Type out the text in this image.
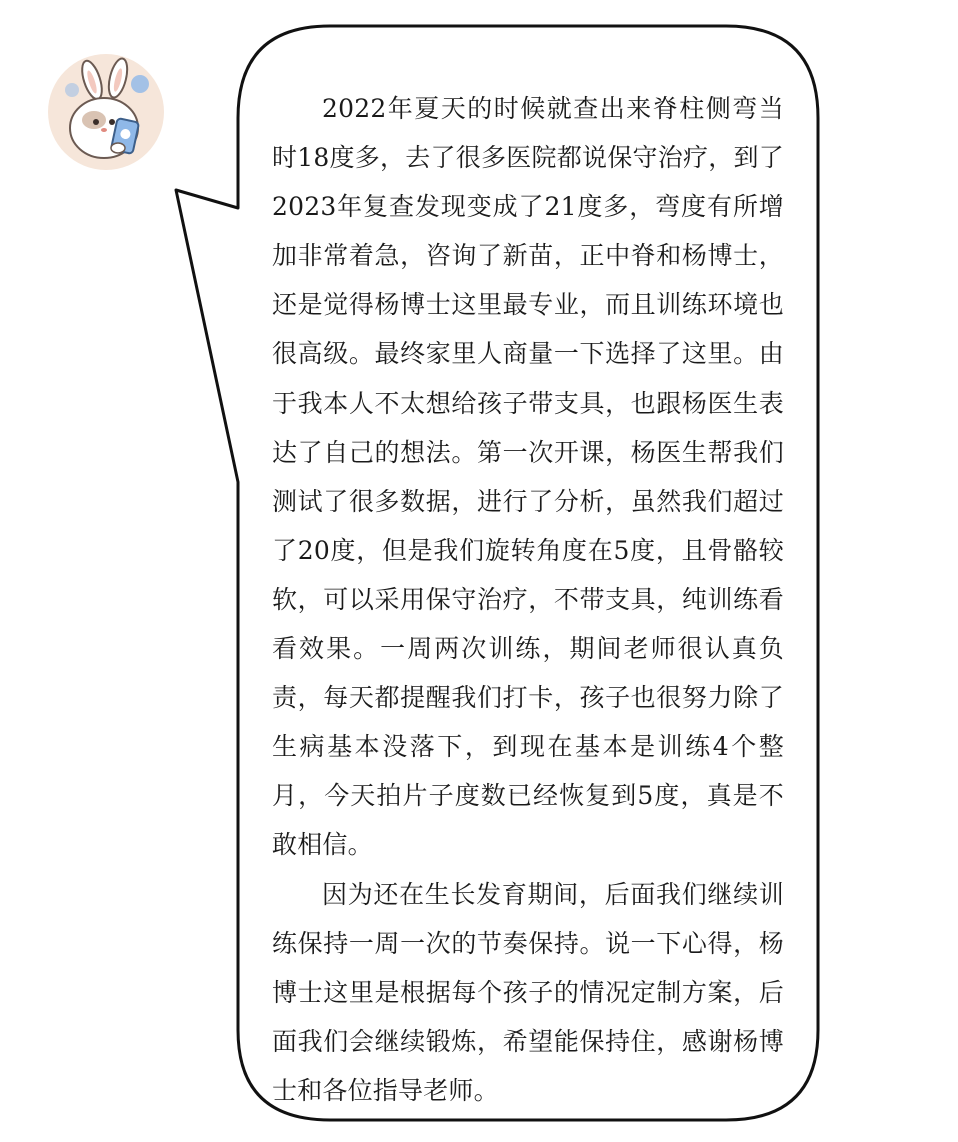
2022年夏天的时候就查出来脊柱侧弯当时18度多，去了很多医院都说保守治疗，到了2023年复查发现变成了21度多，弯度有所增加非常着急，咨询了新苗，正中脊和杨博士，还是觉得杨博士这里最专业，而且训练环境也很高级。最终家里人商量一下选择了这里。由于我本人不太想给孩子带支具，也跟杨医生表达了自己的想法。第一次开课，杨医生帮我们测试了很多数据，进行了分析，虽然我们超过了20度，但是我们旋转角度在5度，且骨骼较软，可以采用保守治疗，不带支具，纯训练看看效果。一周两次训练，期间老师很认真负责，每天都提醒我们打卡，孩子也很努力除了生病基本没落下，到现在基本是训练4个整月，今天拍片子度数已经恢复到5度，真是不敢相信。

因为还在生长发育期间，后面我们继续训练保持一周一次的节奏保持。说一下心得，杨博士这里是根据每个孩子的情况定制方案，后面我们会继续锻炼，希望能保持住，感谢杨博士和各位指导老师。
